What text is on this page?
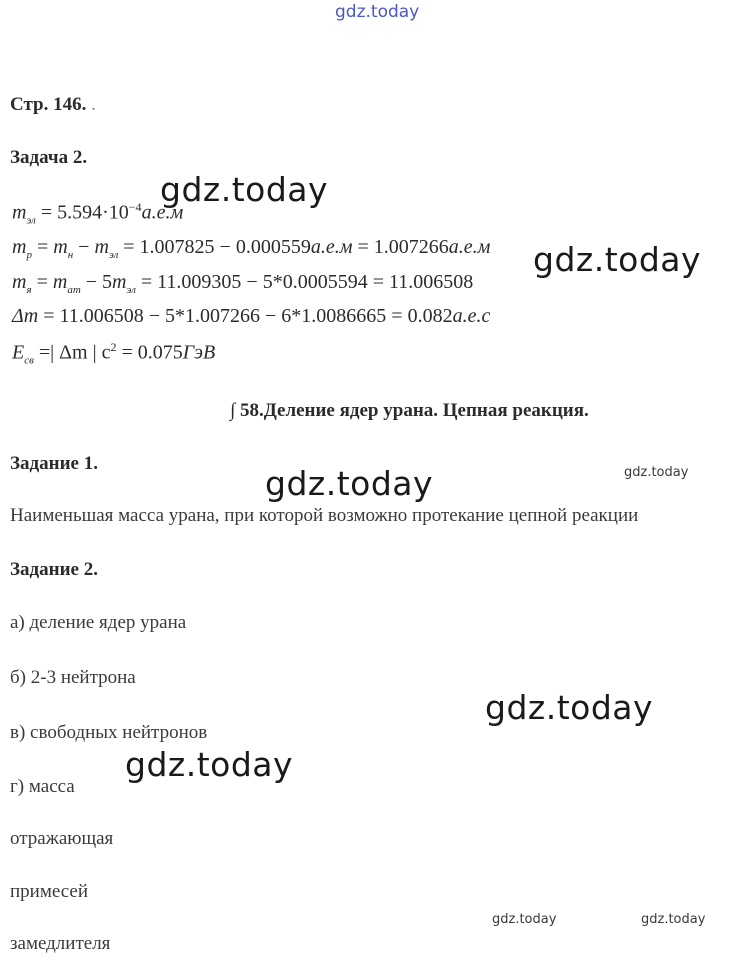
gdz.today
gdz.today
gdz.today
gdz.today	gdz.today
gdz.today
gdz.today
gdz.today	gdz.today
Стр. 146. .
Задача 2.
$m_{эл} = 5.594\cdot 10^{-4}а.е.м$
$m_p = m_н - m_{эл} = 1.007825 - 0.000559а.е.м = 1.007266а.е.м$
$m_я = m_{ат} - 5m_{эл} = 11.009305 - 5*0.0005594 = 11.006508$
Δm = 11.006508 − 5*1.007266 − 6*1.0086665 = 0.082а.е.с
$E_{св}$ =| Δm | $c^2 = 0.075ГэВ$
∫ 58.Деление ядер урана. Цепная реакция.
Задание 1.
Наименьшая масса урана, при которой возможно протекание цепной реакции
Задание 2.
а) деление ядер урана
б) 2-3 нейтрона
в) свободных нейтронов
г) масса
отражающая
примесей
замедлителя
